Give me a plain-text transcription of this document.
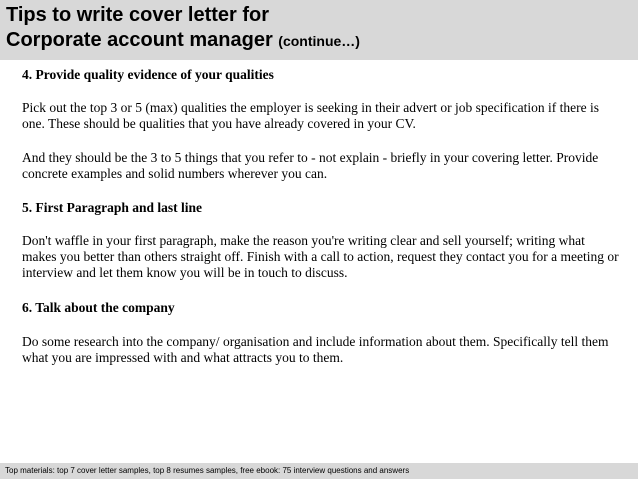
Tips to write cover letter for
Corporate account manager (continue…)

4. Provide quality evidence of your qualities

Pick out the top 3 or 5 (max) qualities the employer is seeking in their advert or job specification if there is one. These should be qualities that you have already covered in your CV.

And they should be the 3 to 5 things that you refer to - not explain - briefly in your covering letter. Provide concrete examples and solid numbers wherever you can.

5. First Paragraph and last line

Don't waffle in your first paragraph, make the reason you're writing clear and sell yourself; writing what makes you better than others straight off. Finish with a call to action, request they contact you for a meeting or interview and let them know you will be in touch to discuss.

6. Talk about the company

Do some research into the company/ organisation and include information about them. Specifically tell them what you are impressed with and what attracts you to them.

Top materials: top 7 cover letter samples, top 8 resumes samples, free ebook: 75 interview questions and answers
